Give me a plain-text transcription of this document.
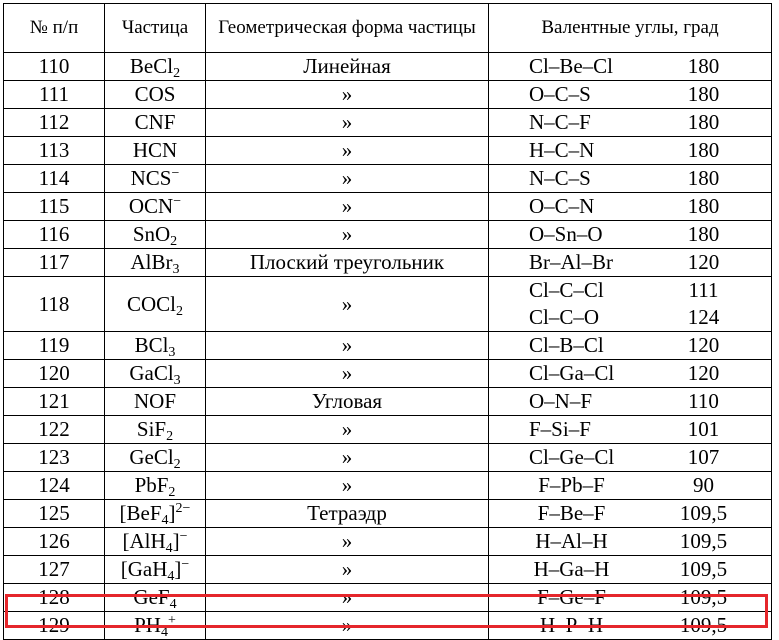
№ п/п	Частица	Геометрическая форма частицы	Валентные углы, град
110	BeCl$_2$	Линейная	Cl–Be–Cl 180

111	COS	»	O–C–S 180

112	CNF	»	N–C–F 180

113	HCN	»	H–C–N 180

114	NCS−	»	N–C–S 180

115	OCN−	»	O–C–N 180

116	SnO$_2$	»	O–Sn–O 180

117	AlBr$_3$	Плоский треугольник	Br–Al–Br 120

118	COCl$_2$	»	Cl–C–Cl 111
Cl–C–O 124

119	BCl$_3$	»	Cl–B–Cl 120

120	GaCl$_3$	»	Cl–Ga–Cl 120

121	NOF	Угловая	O–N–F 110

122	SiF$_2$	»	F–Si–F 101

123	GeCl$_2$	»	Cl–Ge–Cl 107

124	PbF$_2$	»	F–Pb–F 90

125	$[BeF_4]^{2-}$	Тетраэдр	F–Be–F 109,5

126	[AlH$_4$]−	»	H–Al–H 109,5

127	[GaH$_4$]−	»	H–Ga–H 109,5

128	GeF$_4$	»	F–Ge–F 109,5

129	$PH_4^+$	»	H–P–H 109,5
